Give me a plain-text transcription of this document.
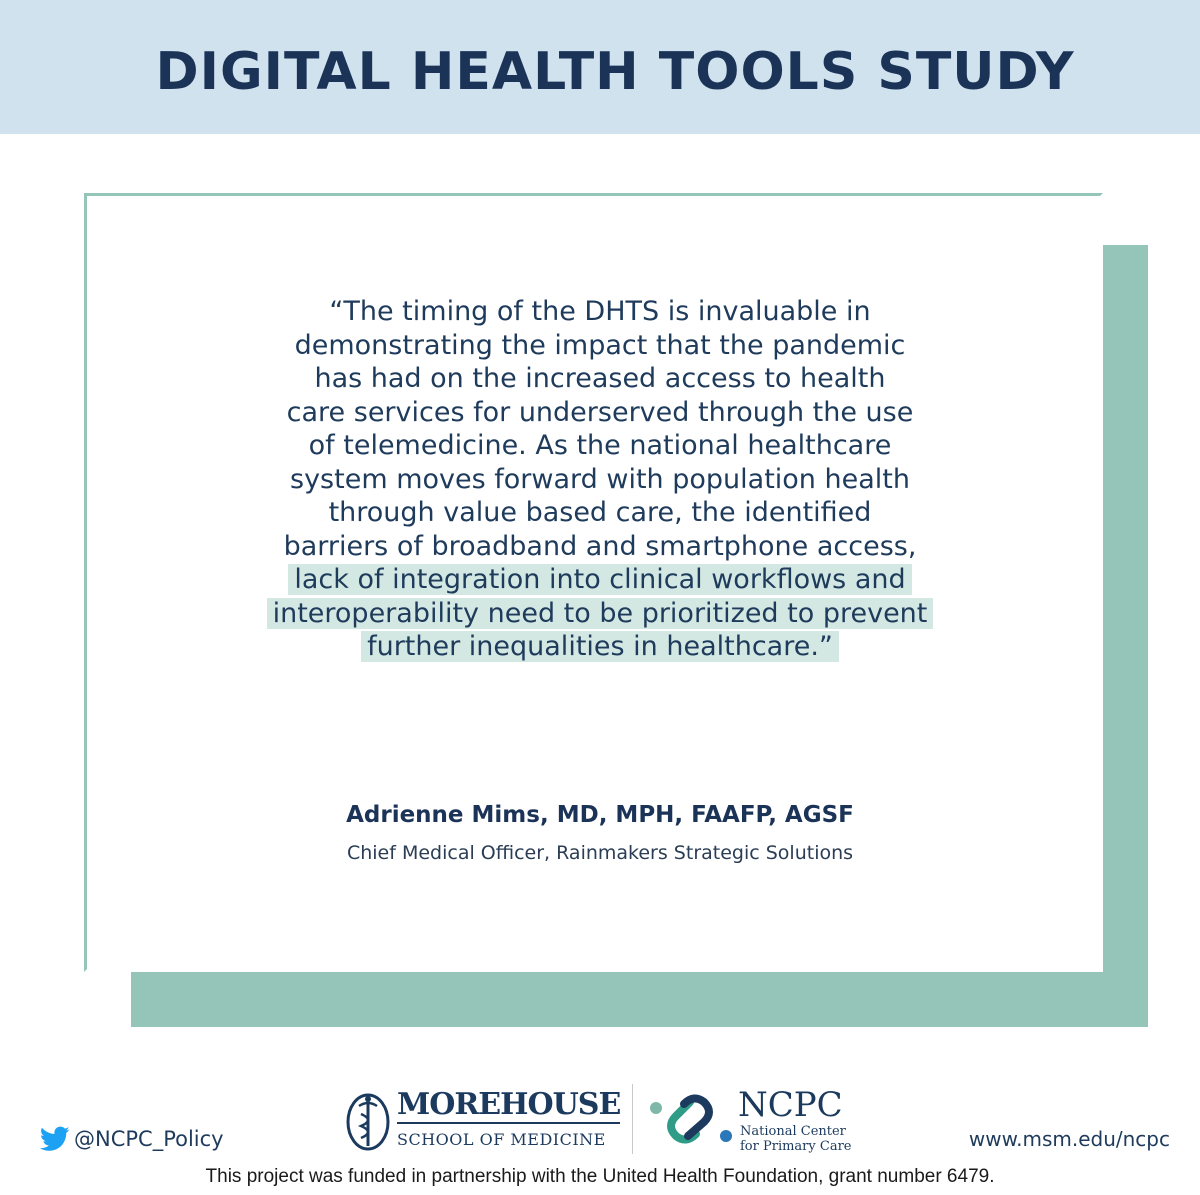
DIGITAL HEALTH TOOLS STUDY
“The timing of the DHTS is invaluable in
demonstrating the impact that the pandemic
has had on the increased access to health
care services for underserved through the use
of telemedicine. As the national healthcare
system moves forward with population health
through value based care, the identified
barriers of broadband and smartphone access,
lack of integration into clinical workflows and
interoperability need to be prioritized to prevent
further inequalities in healthcare.”
Adrienne Mims, MD, MPH, FAAFP, AGSF
Chief Medical Officer, Rainmakers Strategic Solutions
@NCPC_Policy
MOREHOUSE
SCHOOL OF MEDICINE
NCPC
National Center
for Primary Care	www.msm.edu/ncpc
This project was funded in partnership with the United Health Foundation, grant number 6479.
